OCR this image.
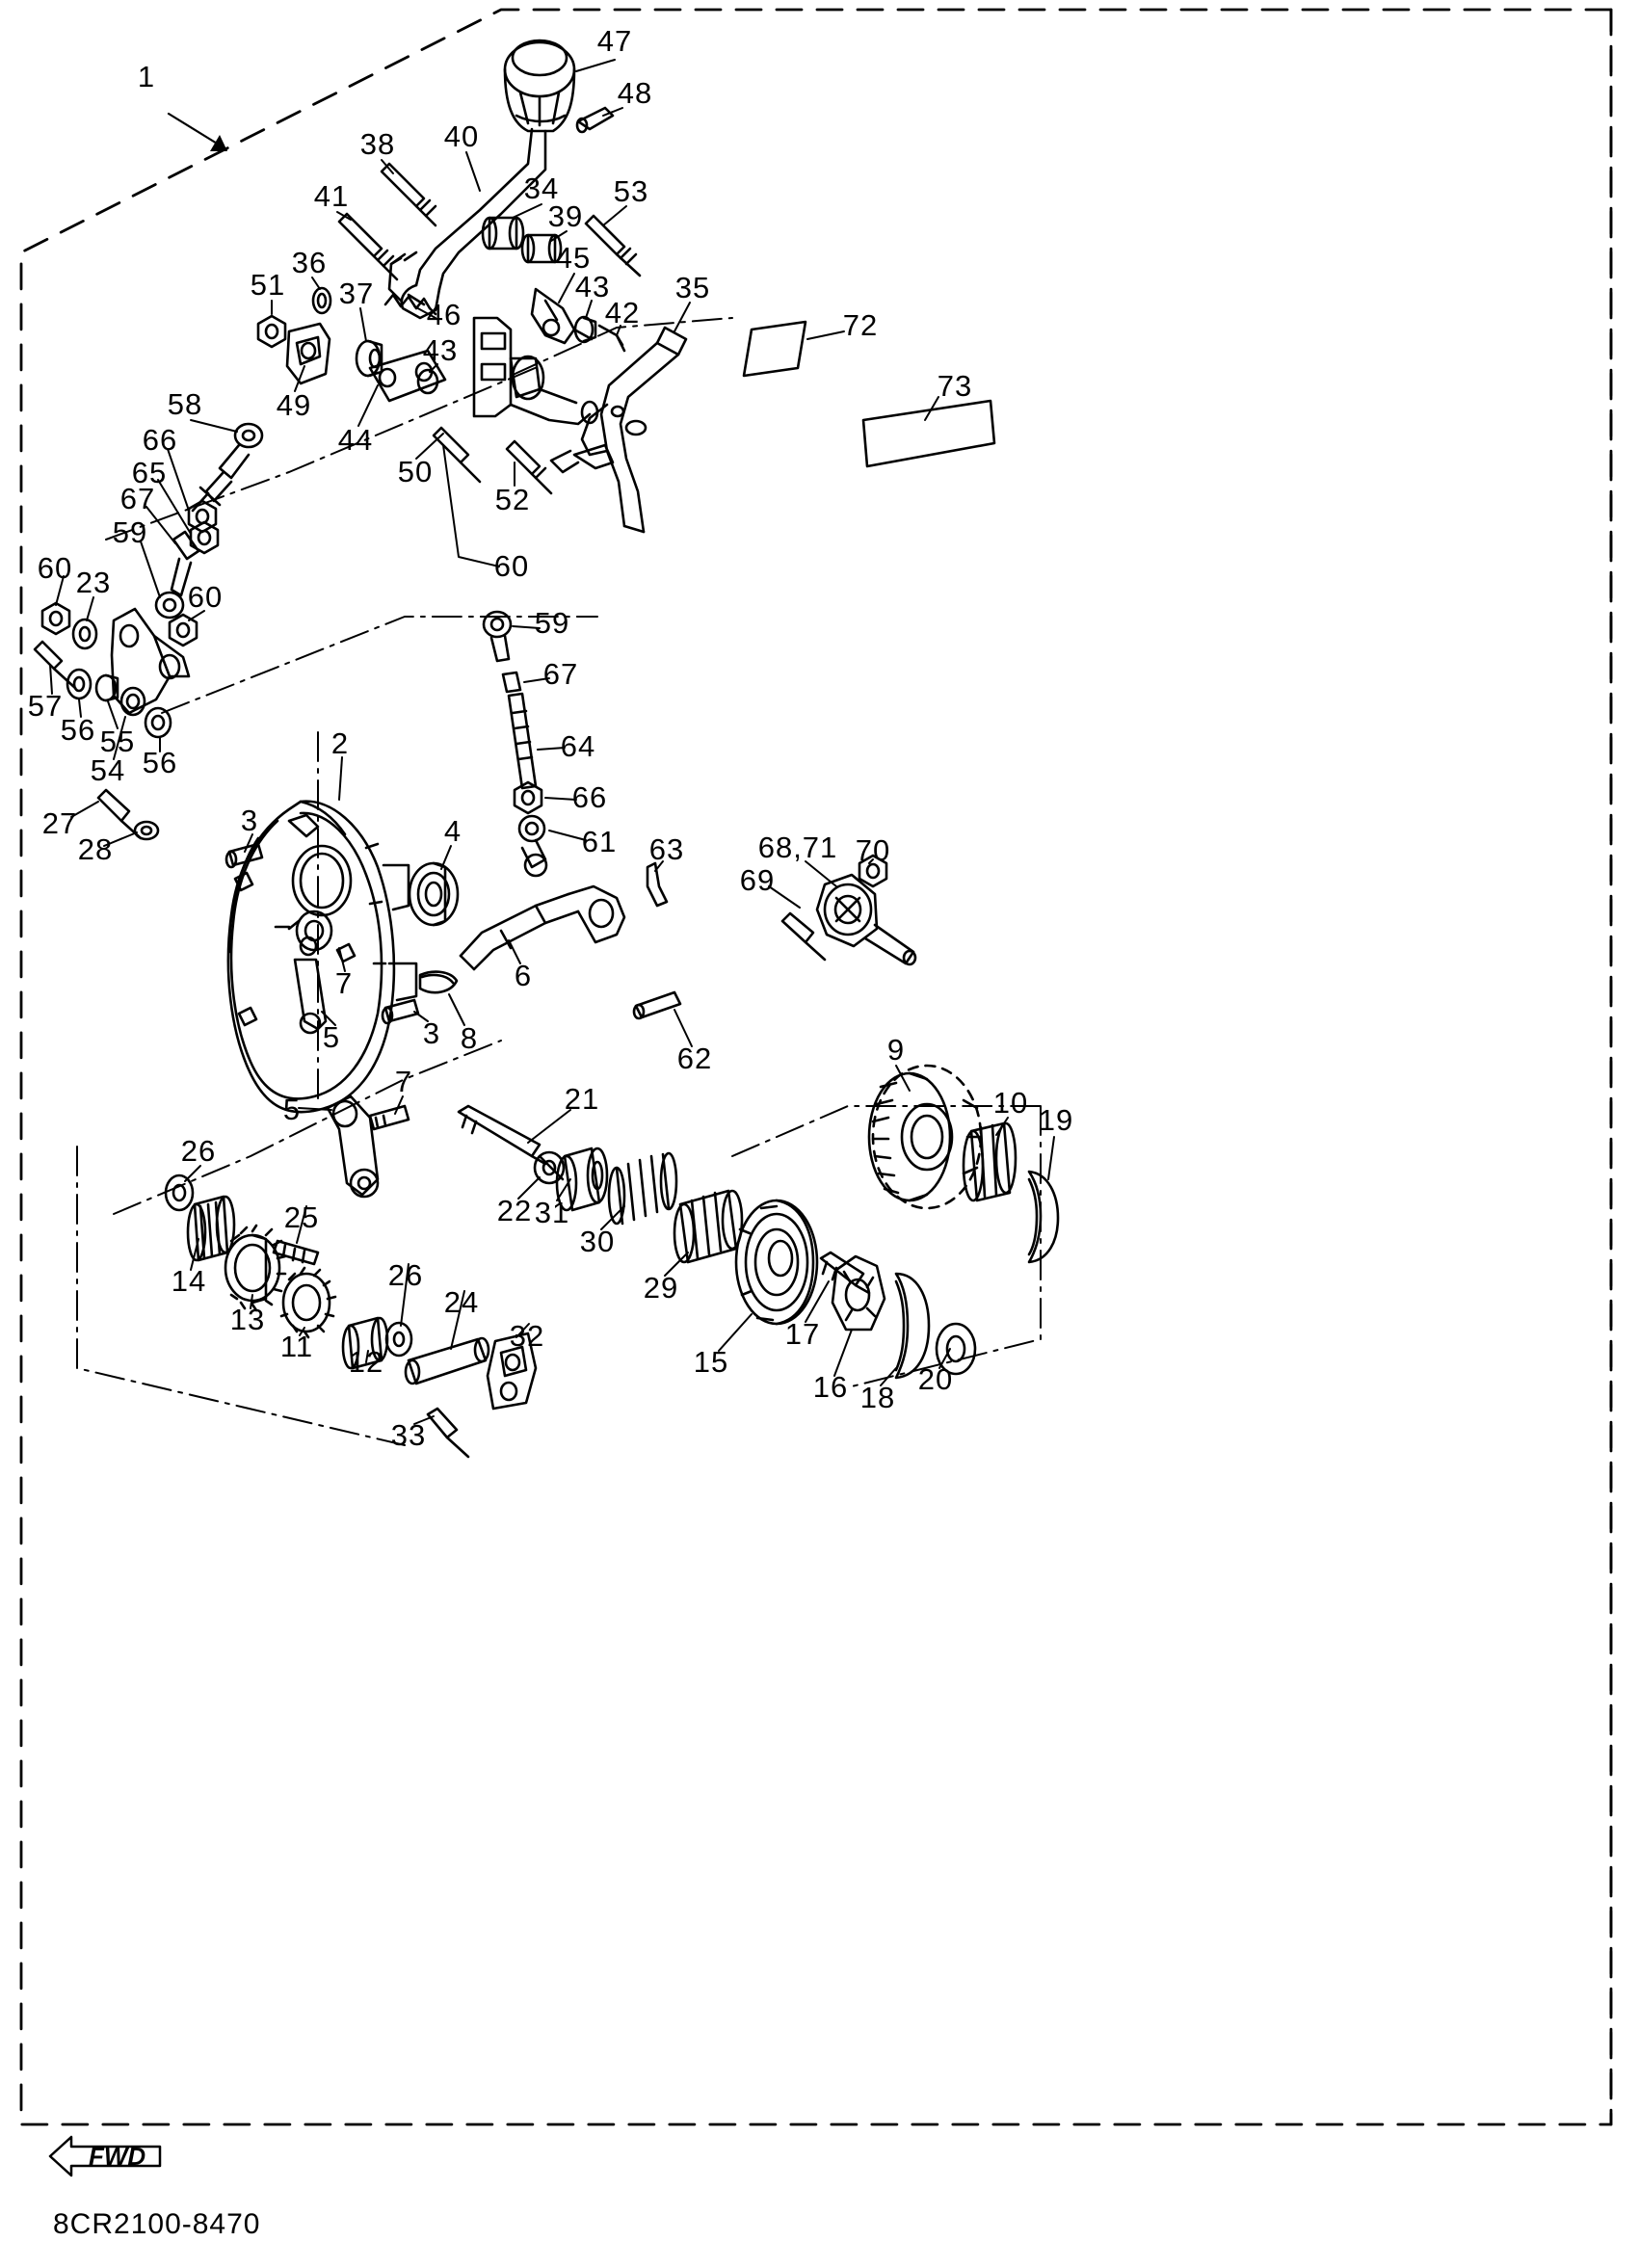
FWD
8CR2100-8470
1
47
48
38 40
34 53
39
41
45
36
43 35
51 37
42
46
43
72
73
49
44
58
50
52
66
65
67
59
60
60 23	60
59
57
56 55
54 56
67
64
66
2
27
28
3	4	61 63
69
68,71 70
7	6
5	3 8
62	9
10
19
7
5	21
26
22 31
30
25
29
26
14
13
11 12
24
32
15
17
16 18
20
33
